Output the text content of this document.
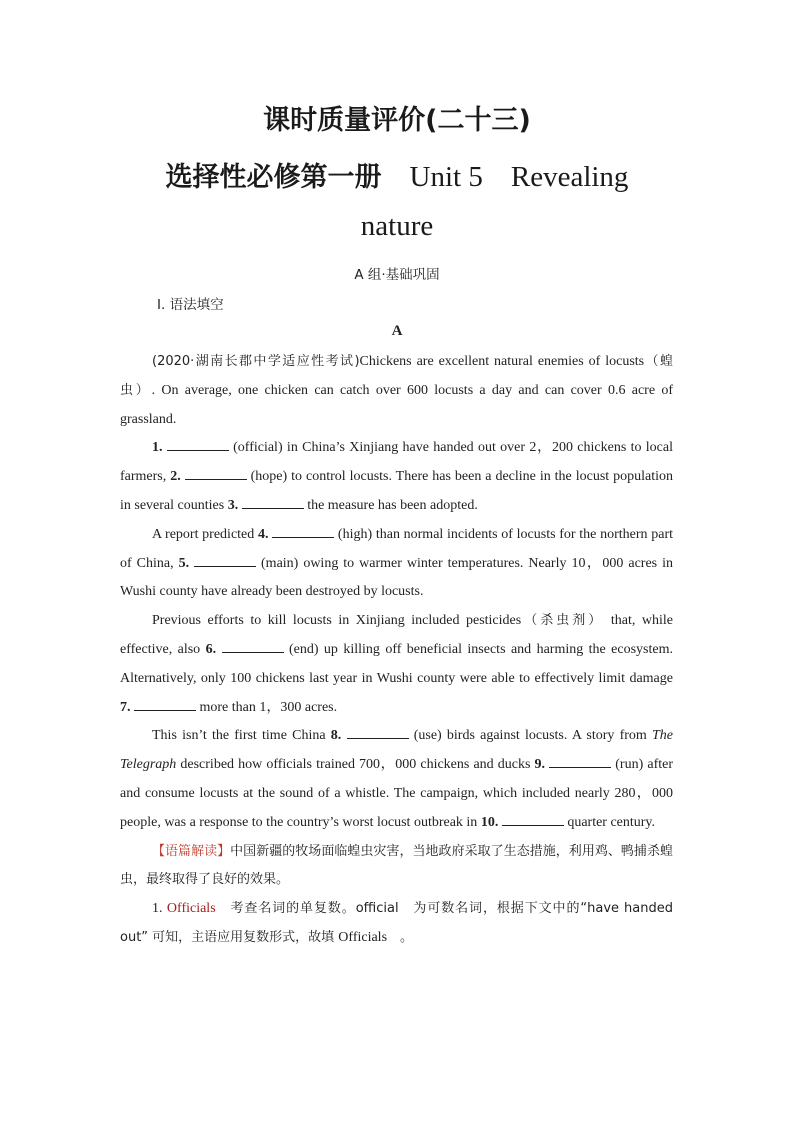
课时质量评价(二十三)
选择性必修第一册 Unit 5 Revealing
nature
A 组·基础巩固
Ⅰ. 语法填空
A

(2020·湖南长郡中学适应性考试)Chickens are excellent natural enemies of locusts（蝗虫）. On average, one chicken can catch over 600 locusts a day and can cover 0.6 acre of grassland.

1.	(official) in China’s Xinjiang have handed out over 2，200 chickens to local farmers, 2.	(hope) to control locusts. There has been a decline in the locust population in several counties 3.	the measure has been adopted.

A report predicted 4.	(high) than normal incidents of locusts for the northern part of China, 5.	(main) owing to warmer winter temperatures. Nearly 10，000 acres in Wushi county have already been destroyed by locusts.

Previous efforts to kill locusts in Xinjiang included pesticides（杀虫剂） that, while effective, also 6.	(end) up killing off beneficial insects and harming the ecosystem. Alternatively, only 100 chickens last year in Wushi county were able to effectively limit damage 7.	more than 1，300 acres.

This isn’t the first time China 8.	(use) birds against locusts. A story from The Telegraph described how officials trained 700，000 chickens and ducks 9.	(run) after and consume locusts at the sound of a whistle. The campaign, which included nearly 280，000 people, was a response to the country’s worst locust outbreak in 10.	quarter century.

【语篇解读】中国新疆的牧场面临蝗虫灾害，当地政府采取了生态措施，利用鸡、鸭捕杀蝗虫，最终取得了良好的效果。

1. Officials　考查名词的单复数。official　为可数名词，根据下文中的“have handed out” 可知，主语应用复数形式，故填 Officials　。
